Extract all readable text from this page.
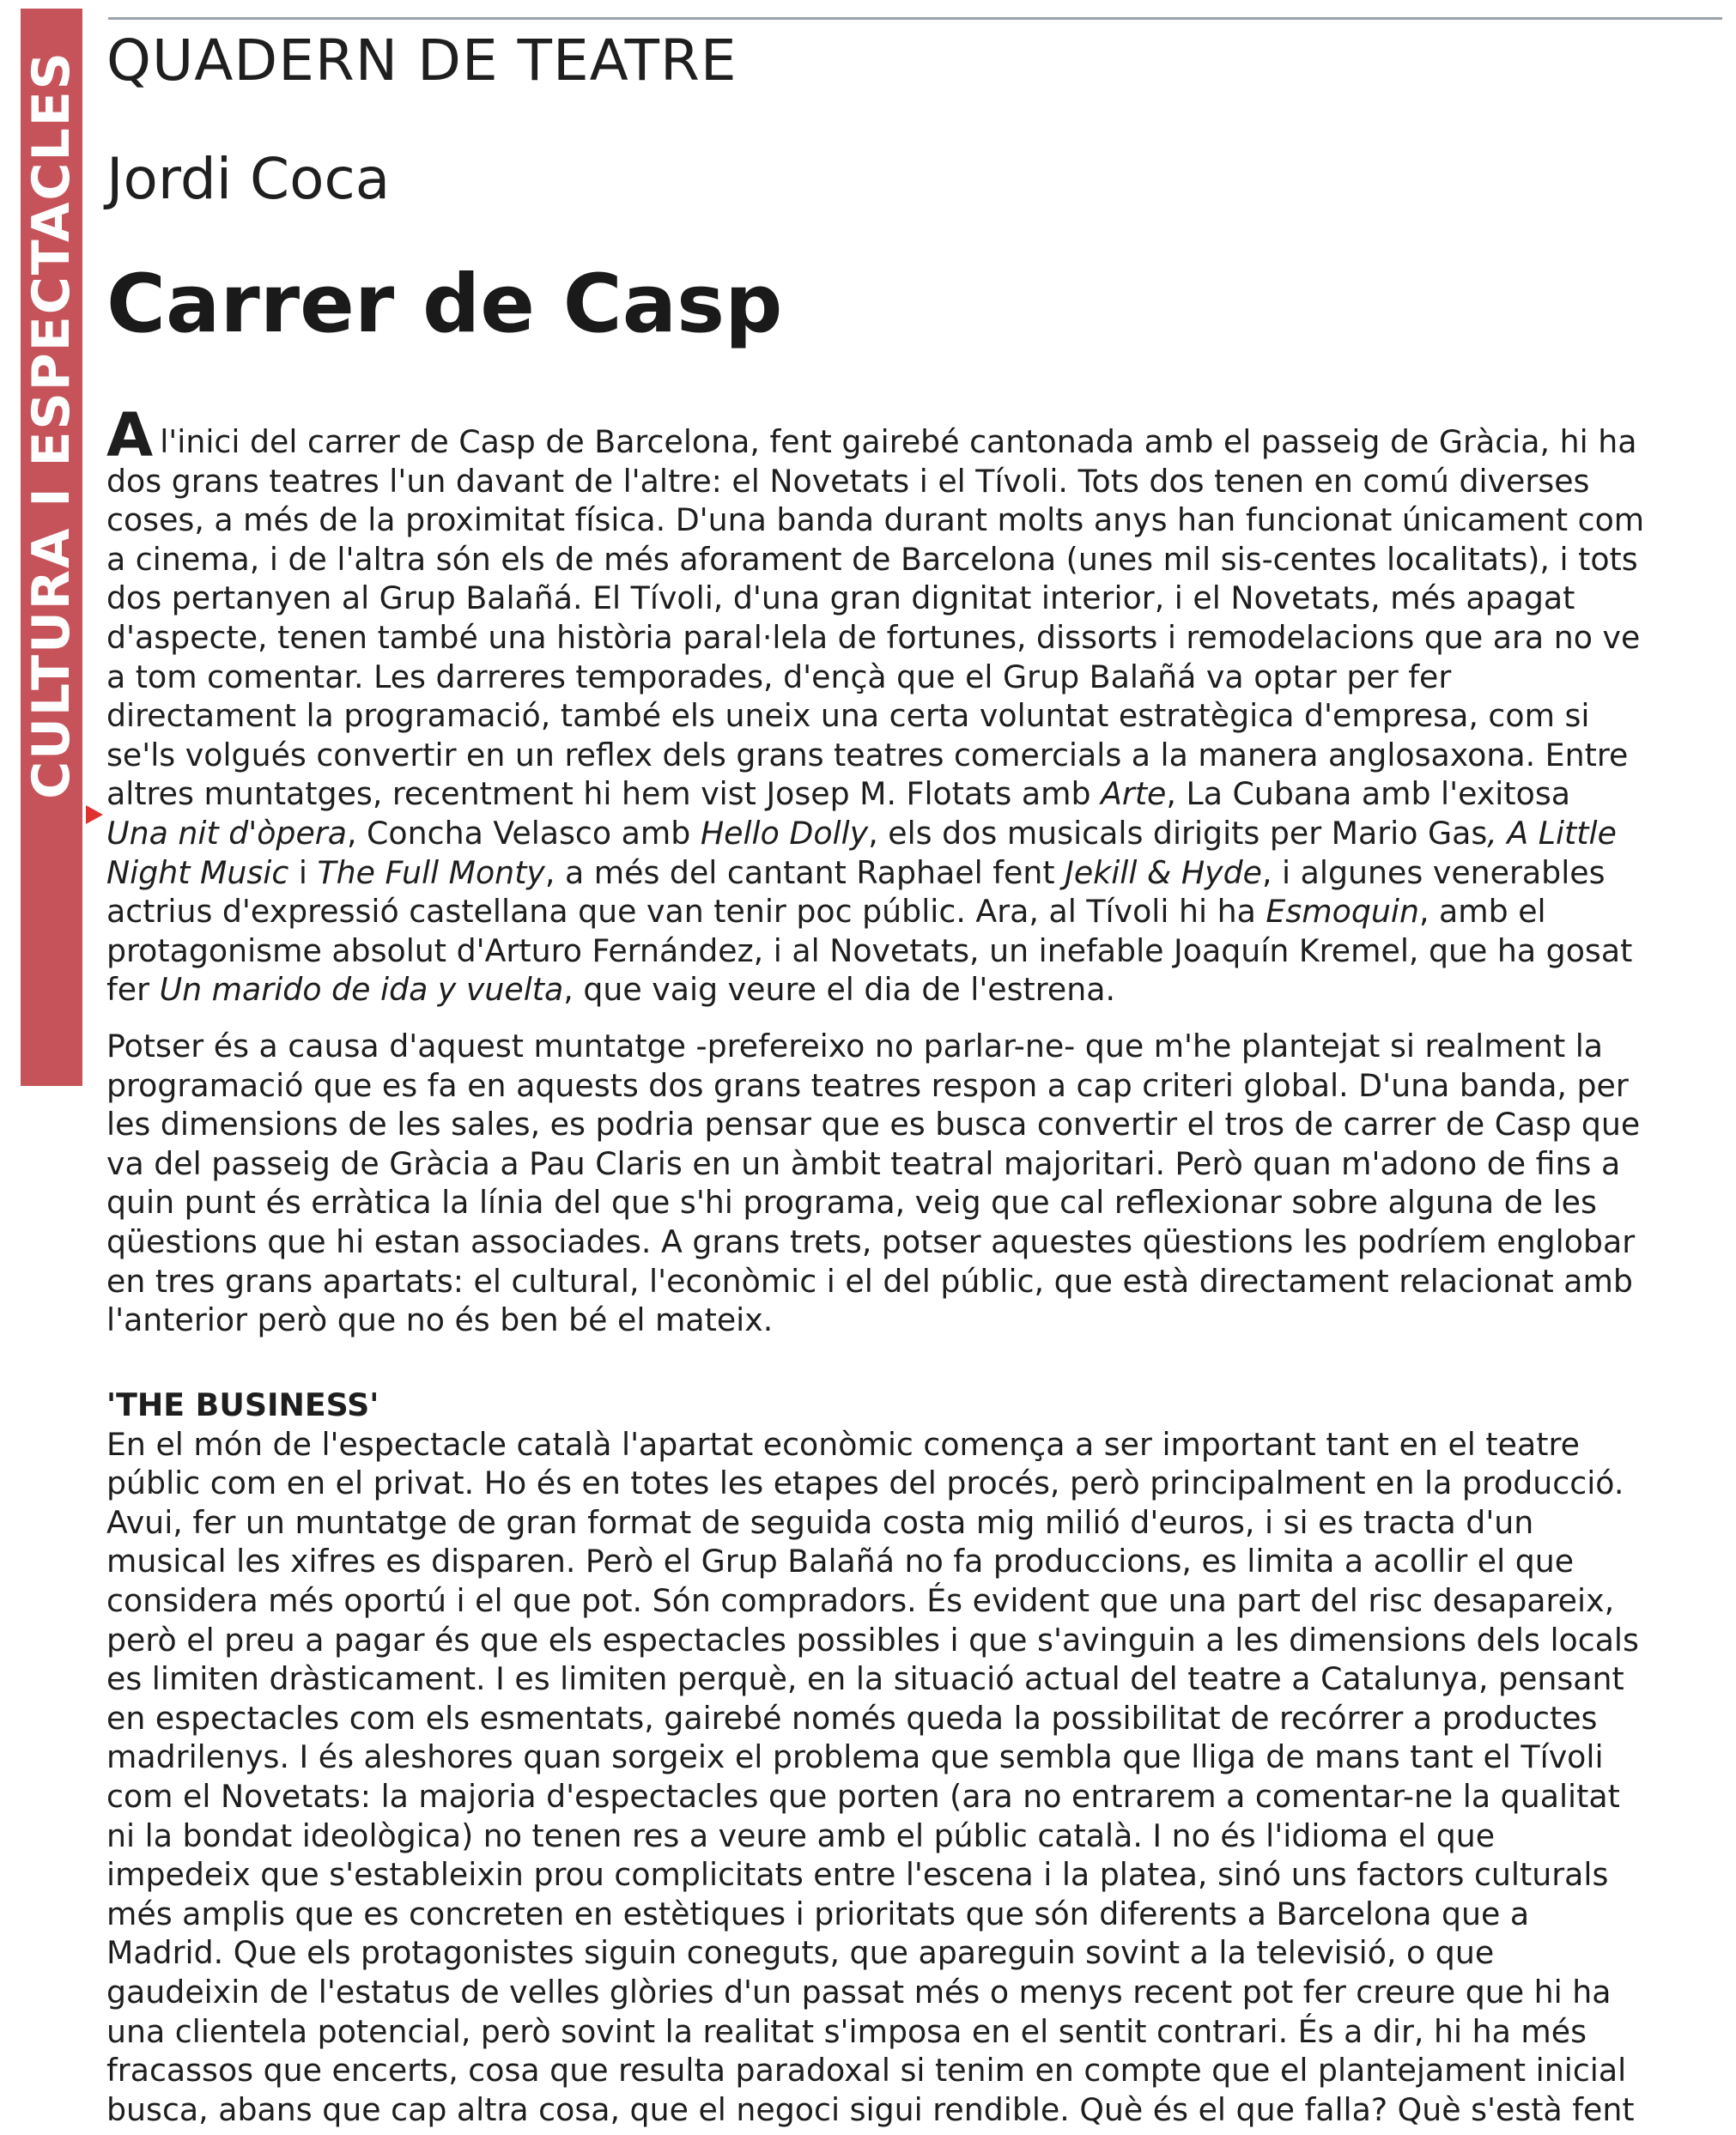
CULTURA I ESPECTACLES QUADERN DE TEATRE
Jordi Coca
Carrer de Casp
Al'inici del carrer de Casp de Barcelona, fent gairebé cantonada amb el passeig de Gràcia, hi ha
dos grans teatres l'un davant de l'altre: el Novetats i el Tívoli. Tots dos tenen en comú diverses
coses, a més de la proximitat física. D'una banda durant molts anys han funcionat únicament com
a cinema, i de l'altra són els de més aforament de Barcelona (unes mil sis-centes localitats), i tots
dos pertanyen al Grup Balañá. El Tívoli, d'una gran dignitat interior, i el Novetats, més apagat
d'aspecte, tenen també una història paral·lela de fortunes, dissorts i remodelacions que ara no ve
a tom comentar. Les darreres temporades, d'ençà que el Grup Balañá va optar per fer
directament la programació, també els uneix una certa voluntat estratègica d'empresa, com si
se'ls volgués convertir en un reflex dels grans teatres comercials a la manera anglosaxona. Entre
altres muntatges, recentment hi hem vist Josep M. Flotats amb Arte, La Cubana amb l'exitosa
Una nit d'òpera, Concha Velasco amb Hello Dolly, els dos musicals dirigits per Mario Gas, A Little
Night Music i The Full Monty, a més del cantant Raphael fent Jekill & Hyde, i algunes venerables
actrius d'expressió castellana que van tenir poc públic. Ara, al Tívoli hi ha Esmoquin, amb el
protagonisme absolut d'Arturo Fernández, i al Novetats, un inefable Joaquín Kremel, que ha gosat
fer Un marido de ida y vuelta, que vaig veure el dia de l'estrena.
Potser és a causa d'aquest muntatge -prefereixo no parlar-ne- que m'he plantejat si realment la
programació que es fa en aquests dos grans teatres respon a cap criteri global. D'una banda, per
les dimensions de les sales, es podria pensar que es busca convertir el tros de carrer de Casp que
va del passeig de Gràcia a Pau Claris en un àmbit teatral majoritari. Però quan m'adono de fins a
quin punt és erràtica la línia del que s'hi programa, veig que cal reflexionar sobre alguna de les
qüestions que hi estan associades. A grans trets, potser aquestes qüestions les podríem englobar
en tres grans apartats: el cultural, l'econòmic i el del públic, que està directament relacionat amb
l'anterior però que no és ben bé el mateix.
'THE BUSINESS'
En el món de l'espectacle català l'apartat econòmic comença a ser important tant en el teatre
públic com en el privat. Ho és en totes les etapes del procés, però principalment en la producció.
Avui, fer un muntatge de gran format de seguida costa mig milió d'euros, i si es tracta d'un
musical les xifres es disparen. Però el Grup Balañá no fa produccions, es limita a acollir el que
considera més oportú i el que pot. Són compradors. És evident que una part del risc desapareix,
però el preu a pagar és que els espectacles possibles i que s'avinguin a les dimensions dels locals
es limiten dràsticament. I es limiten perquè, en la situació actual del teatre a Catalunya, pensant
en espectacles com els esmentats, gairebé només queda la possibilitat de recórrer a productes
madrilenys. I és aleshores quan sorgeix el problema que sembla que lliga de mans tant el Tívoli
com el Novetats: la majoria d'espectacles que porten (ara no entrarem a comentar-ne la qualitat
ni la bondat ideològica) no tenen res a veure amb el públic català. I no és l'idioma el que
impedeix que s'estableixin prou complicitats entre l'escena i la platea, sinó uns factors culturals
més amplis que es concreten en estètiques i prioritats que són diferents a Barcelona que a
Madrid. Que els protagonistes siguin coneguts, que apareguin sovint a la televisió, o que
gaudeixin de l'estatus de velles glòries d'un passat més o menys recent pot fer creure que hi ha
una clientela potencial, però sovint la realitat s'imposa en el sentit contrari. És a dir, hi ha més
fracassos que encerts, cosa que resulta paradoxal si tenim en compte que el plantejament inicial
busca, abans que cap altra cosa, que el negoci sigui rendible. Què és el que falla? Què s'està fent
